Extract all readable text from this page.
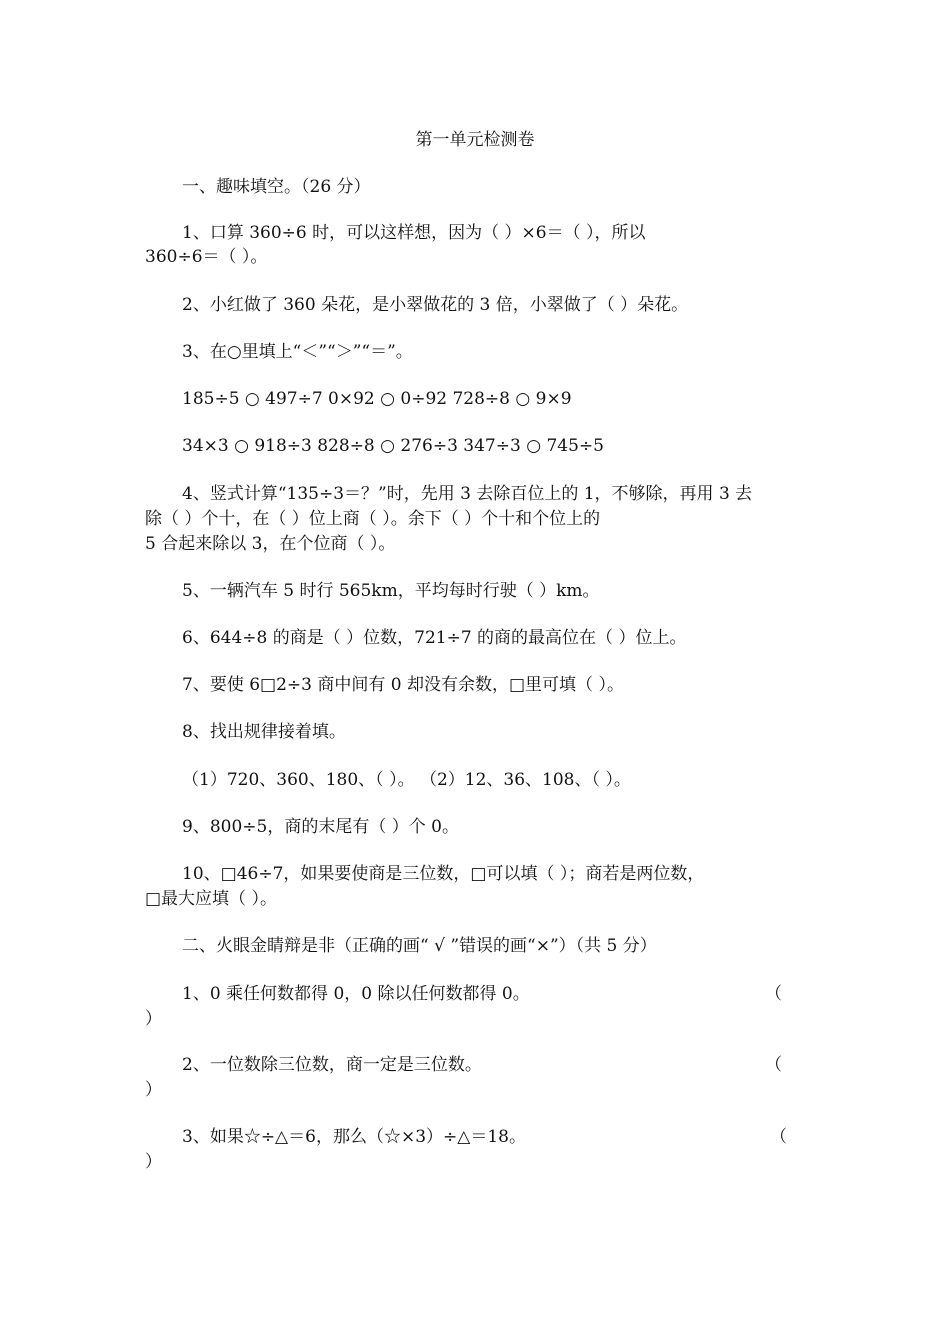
第一单元检测卷
一、趣味填空。（26 分）
1、口算 360÷6 时，可以这样想，因为（ ）×6＝（ ），所以
360÷6＝（ ）。
2、小红做了 360 朵花，是小翠做花的 3 倍，小翠做了（ ）朵花。
3、在○里填上“＜”“＞”“＝”。
185÷5 ○ 497÷7 0×92 ○ 0÷92 728÷8 ○ 9×9
34×3 ○ 918÷3 828÷8 ○ 276÷3 347÷3 ○ 745÷5
4、竖式计算“135÷3＝？”时，先用 3 去除百位上的 1，不够除，再用 3 去
除（ ）个十，在（ ）位上商（ ）。余下（ ）个十和个位上的
5 合起来除以 3，在个位商（ ）。
5、一辆汽车 5 时行 565km，平均每时行驶（ ）km。
6、644÷8 的商是（ ）位数，721÷7 的商的最高位在（ ）位上。
7、要使 6□2÷3 商中间有 0 却没有余数，□里可填（ ）。
8、找出规律接着填。
（1）720、360、180、（ ）。 （2）12、36、108、（ ）。
9、800÷5，商的末尾有（ ）个 0。
10、□46÷7，如果要使商是三位数，□可以填（ ）；商若是两位数，
□最大应填（ ）。
二、火眼金睛辩是非（正确的画“ √ ”错误的画“×”）（共 5 分）
1、0 乘任何数都得 0，0 除以任何数都得 0。	（
）
2、一位数除三位数，商一定是三位数。	（
）
3、如果☆÷△＝6，那么（☆×3）÷△＝18。	（
）
